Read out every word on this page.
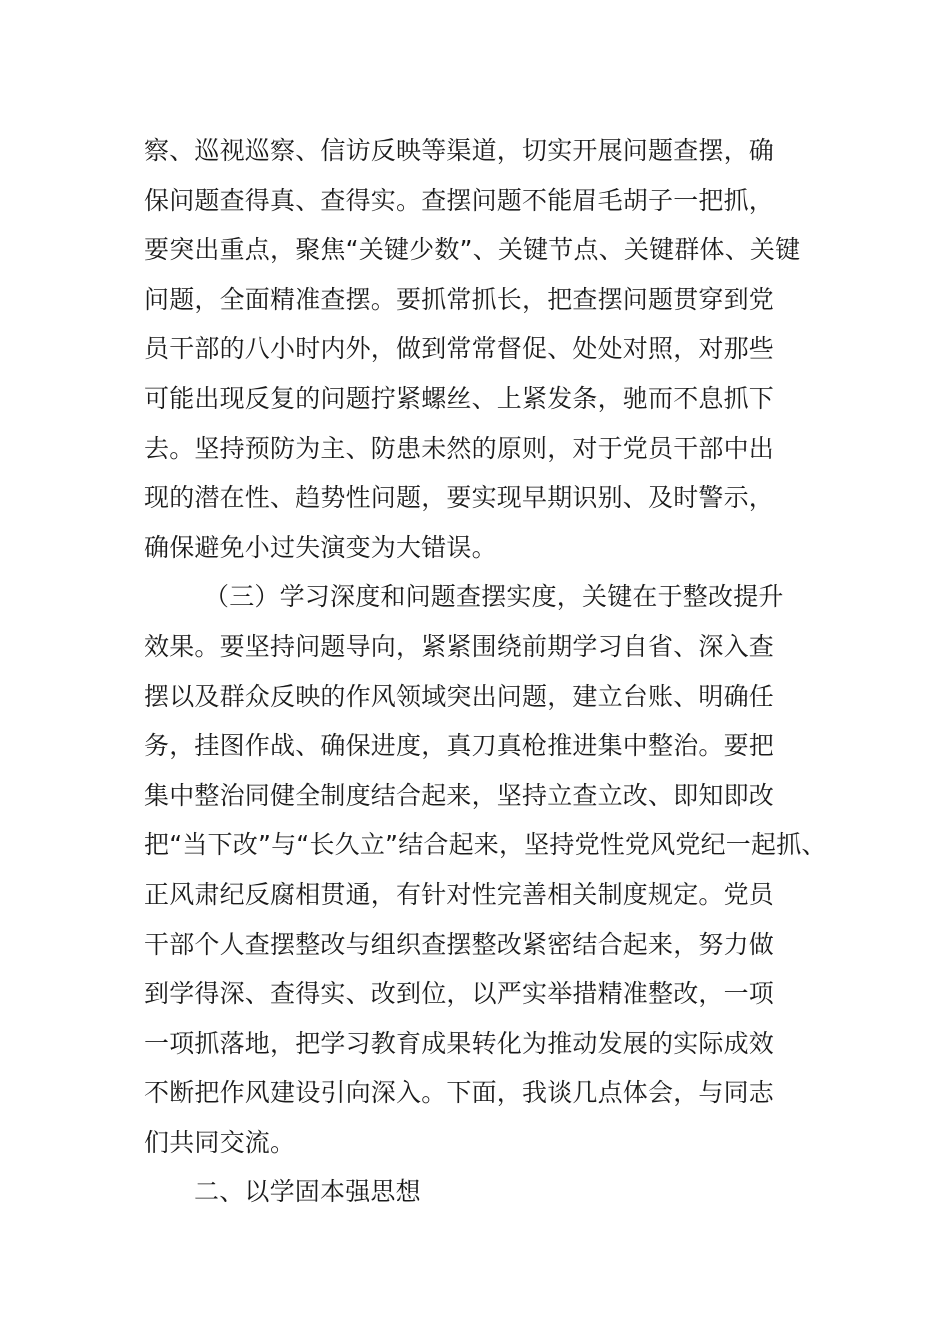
察、巡视巡察、信访反映等渠道，切实开展问题查摆，确
保问题查得真、查得实。查摆问题不能眉毛胡子一把抓，
要突出重点，聚焦“关键少数”、关键节点、关键群体、关键
问题，全面精准查摆。要抓常抓长，把查摆问题贯穿到党
员干部的八小时内外，做到常常督促、处处对照，对那些
可能出现反复的问题拧紧螺丝、上紧发条，驰而不息抓下
去。坚持预防为主、防患未然的原则，对于党员干部中出
现的潜在性、趋势性问题，要实现早期识别、及时警示，
确保避免小过失演变为大错误。
（三）学习深度和问题查摆实度，关键在于整改提升
效果。要坚持问题导向，紧紧围绕前期学习自省、深入查
摆以及群众反映的作风领域突出问题，建立台账、明确任
务，挂图作战、确保进度，真刀真枪推进集中整治。要把
集中整治同健全制度结合起来，坚持立查立改、即知即改
把“当下改”与“长久立”结合起来，坚持党性党风党纪一起抓、
正风肃纪反腐相贯通，有针对性完善相关制度规定。党员
干部个人查摆整改与组织查摆整改紧密结合起来，努力做
到学得深、查得实、改到位，以严实举措精准整改，一项
一项抓落地，把学习教育成果转化为推动发展的实际成效
不断把作风建设引向深入。下面，我谈几点体会，与同志
们共同交流。
二、以学固本强思想
